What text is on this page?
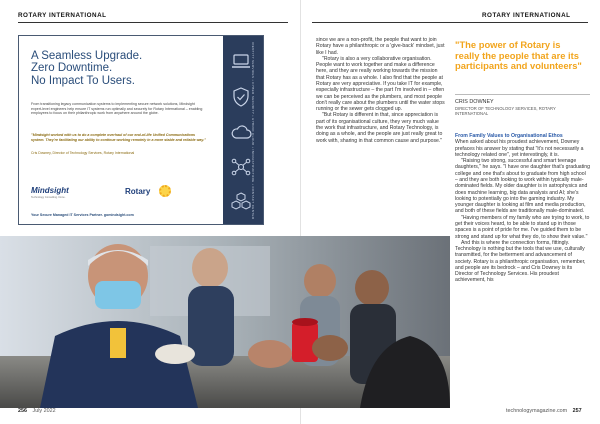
ROTARY INTERNATIONAL	ROTARY INTERNATIONAL
A Seamless Upgrade.
Zero Downtime.
No Impact To Users.
From transitioning legacy communication systems to implementing secure network solutions, Mindsight expert-level engineers help ensure IT systems run optimally and securely for Rotary International – enabling employees to focus on their philanthropic work from anywhere around the globe.
"Mindsight worked with us to do a complete overhaul of our end-of-life Unified Communications system. They're facilitating our ability to continue working remotely in a more stable and reliable way."
Cris Downey, Director of Technology Services, Rotary International	IDENTITY SERVICES • CYBER SECURITY • HYBRID CLOUD • INFRASTRUCTURE • CONTACT CENTER
Mindsight
Technology Consulting. Done.
Rotary
Your Secure Managed IT Services Partner. gomindsight.com

since we are a non-profit, the people that want to join Rotary have a philanthropic or a 'give-back' mindset, just like I had.

"Rotary is also a very collaborative organisation. People want to work together and make a difference here, and they are really working towards the mission that Rotary has as a whole. I also find that the people at Rotary are very appreciative. If you take IT for example, especially infrastructure – the part I'm involved in – often we can be perceived as the plumbers, and most people don't really care about the plumbers until the water stops running or the sewer gets clogged up.

"But Rotary is different in that, since appreciation is part of its organisational culture, they very much value the work that infrastructure, and Rotary Technology, is doing as a whole, and the people are just really great to work with, sharing in that common cause and purpose."

"The power of Rotary is really the people that are its participants and volunteers"
CRIS DOWNEY
DIRECTOR OF TECHNOLOGY SERVICES, ROTARY INTERNATIONAL

From Family Values to Organisational Ethos

When asked about his proudest achievement, Downey prefaces his answer by stating that "it's not necessarily a technology related one", yet interestingly, it is.

"Raising two strong, successful and smart teenage daughters," he says. "I have one daughter that's graduating college and one that's about to graduate from high school – and they are both looking to work within typically male-dominated fields. My older daughter is in astrophysics and does machine learning, big data analysis and AI; she's looking to potentially go into the gaming industry. My younger daughter is looking at film and media production, and both of these fields are traditionally male-dominated.

"Having members of my family who are trying to work, to get their voices heard, to be able to stand up in those spaces is a point of pride for me. I've guided them to be strong and stand up for what they do, to show their value."

And this is where the connection forms, fittingly. Technology is nothing but the tools that we use, culturally transmitted, for the betterment and advancement of society. Rotary is a philanthropic organisation, remember, and people are its bedrock – and Cris Downey is its Director of Technology Services. His proudest achievement, his

256 July 2022	technologymagazine.com 257
